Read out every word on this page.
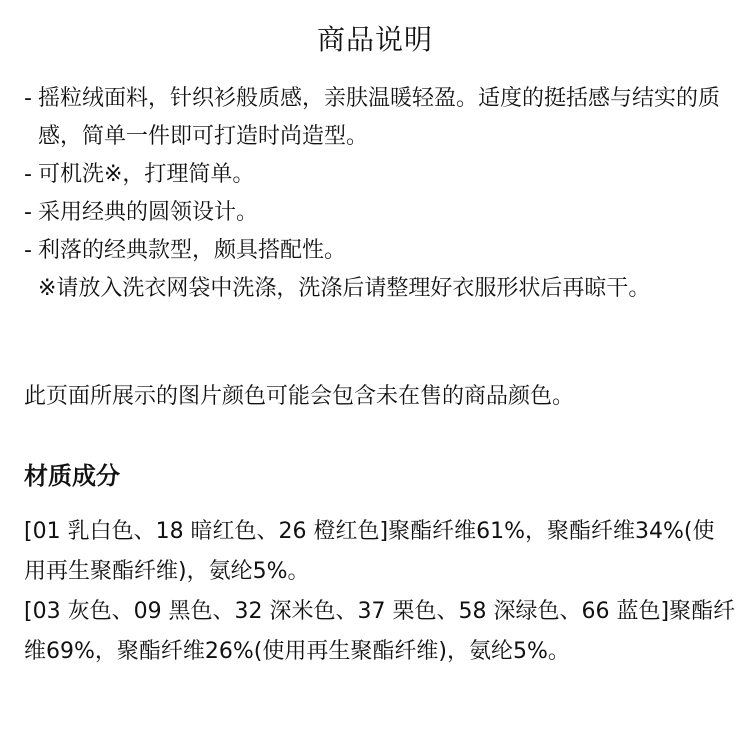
商品说明
- 摇粒绒面料，针织衫般质感，亲肤温暖轻盈。适度的挺括感与结实的质感，简单一件即可打造时尚造型。
- 可机洗※，打理简单。
- 采用经典的圆领设计。
- 利落的经典款型，颇具搭配性。
※请放入洗衣网袋中洗涤，洗涤后请整理好衣服形状后再晾干。
此页面所展示的图片颜色可能会包含未在售的商品颜色。
材质成分
[01 乳白色、18 暗红色、26 橙红色]聚酯纤维61%，聚酯纤维34%(使用再生聚酯纤维)，氨纶5%。
[03 灰色、09 黑色、32 深米色、37 栗色、58 深绿色、66 蓝色]聚酯纤维69%，聚酯纤维26%(使用再生聚酯纤维)，氨纶5%。
